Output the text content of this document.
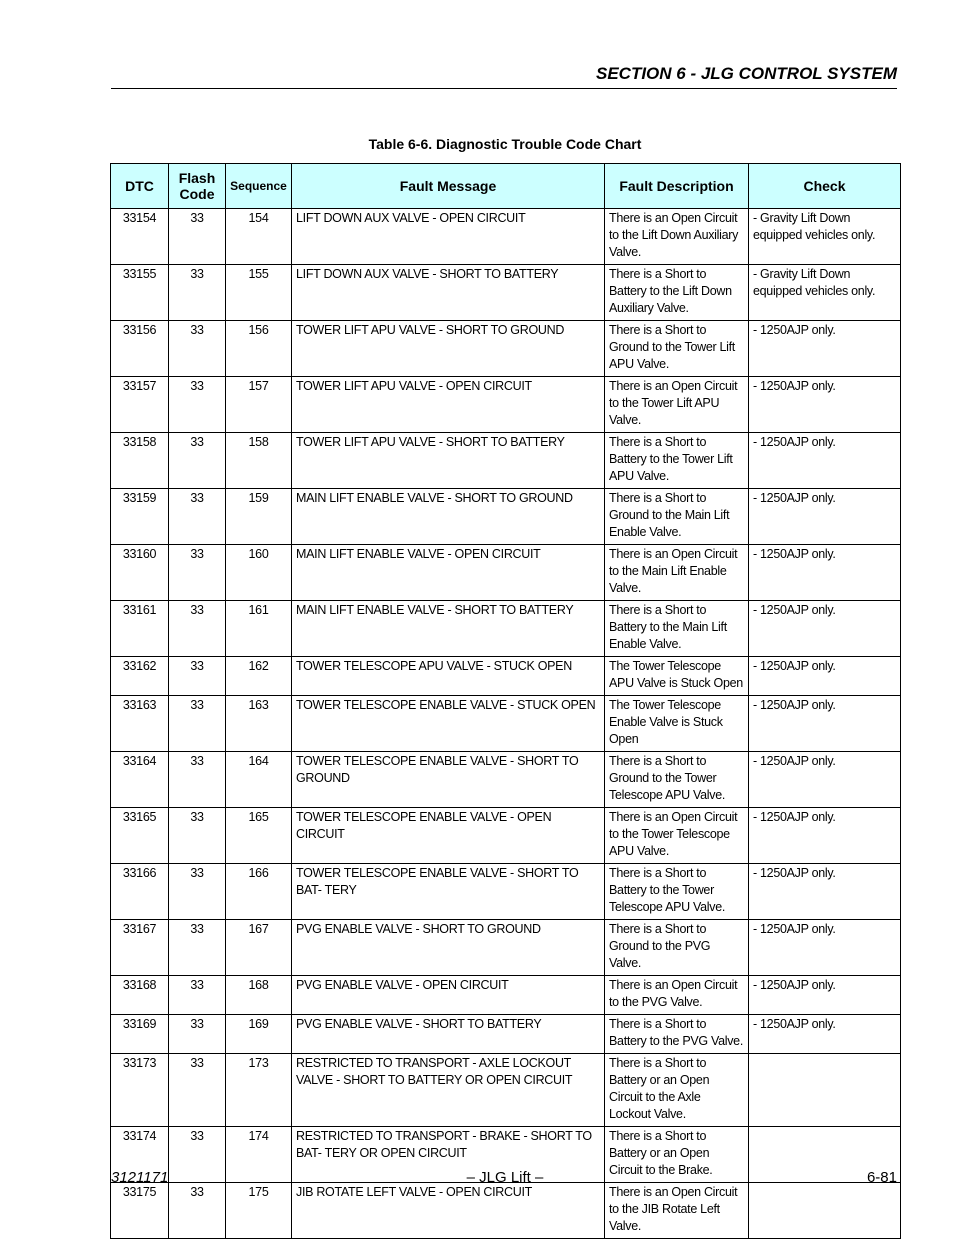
SECTION 6 - JLG CONTROL SYSTEM
Table 6-6. Diagnostic Trouble Code Chart
DTC	Flash Code	Sequence	Fault Message	Fault Description	Check
33154	33	154	LIFT DOWN AUX VALVE - OPEN CIRCUIT	There is an Open Circuit to the Lift Down Auxiliary Valve.	- Gravity Lift Down equipped vehicles only.
33155	33	155	LIFT DOWN AUX VALVE - SHORT TO BATTERY	There is a Short to Battery to the Lift Down Auxiliary Valve.	- Gravity Lift Down equipped vehicles only.
33156	33	156	TOWER LIFT APU VALVE - SHORT TO GROUND	There is a Short to Ground to the Tower Lift APU Valve.	- 1250AJP only.
33157	33	157	TOWER LIFT APU VALVE - OPEN CIRCUIT	There is an Open Circuit to the Tower Lift APU Valve.	- 1250AJP only.
33158	33	158	TOWER LIFT APU VALVE - SHORT TO BATTERY	There is a Short to Battery to the Tower Lift APU Valve.	- 1250AJP only.
33159	33	159	MAIN LIFT ENABLE VALVE - SHORT TO GROUND	There is a Short to Ground to the Main Lift Enable Valve.	- 1250AJP only.
33160	33	160	MAIN LIFT ENABLE VALVE - OPEN CIRCUIT	There is an Open Circuit to the Main Lift Enable Valve.	- 1250AJP only.
33161	33	161	MAIN LIFT ENABLE VALVE - SHORT TO BATTERY	There is a Short to Battery to the Main Lift Enable Valve.	- 1250AJP only.
33162	33	162	TOWER TELESCOPE APU VALVE - STUCK OPEN	The Tower Telescope APU Valve is Stuck Open	- 1250AJP only.
33163	33	163	TOWER TELESCOPE ENABLE VALVE - STUCK OPEN	The Tower Telescope Enable Valve is Stuck Open	- 1250AJP only.
33164	33	164	TOWER TELESCOPE ENABLE VALVE - SHORT TO GROUND	There is a Short to Ground to the Tower Telescope APU Valve.	- 1250AJP only.
33165	33	165	TOWER TELESCOPE ENABLE VALVE - OPEN CIRCUIT	There is an Open Circuit to the Tower Telescope APU Valve.	- 1250AJP only.
33166	33	166	TOWER TELESCOPE ENABLE VALVE - SHORT TO BAT- TERY	There is a Short to Battery to the Tower Telescope APU Valve.	- 1250AJP only.
33167	33	167	PVG ENABLE VALVE - SHORT TO GROUND	There is a Short to Ground to the PVG Valve.	- 1250AJP only.
33168	33	168	PVG ENABLE VALVE - OPEN CIRCUIT	There is an Open Circuit to the PVG Valve.	- 1250AJP only.
33169	33	169	PVG ENABLE VALVE - SHORT TO BATTERY	There is a Short to Battery to the PVG Valve.	- 1250AJP only.
33173	33	173	RESTRICTED TO TRANSPORT - AXLE LOCKOUT VALVE - SHORT TO BATTERY OR OPEN CIRCUIT	There is a Short to Battery or an Open Circuit to the Axle Lockout Valve.	
33174	33	174	RESTRICTED TO TRANSPORT - BRAKE - SHORT TO BAT- TERY OR OPEN CIRCUIT	There is a Short to Battery or an Open Circuit to the Brake.	
33175	33	175	JIB ROTATE LEFT VALVE - OPEN CIRCUIT	There is an Open Circuit to the JIB Rotate Left Valve.	
3121171	– JLG Lift –	6-81
